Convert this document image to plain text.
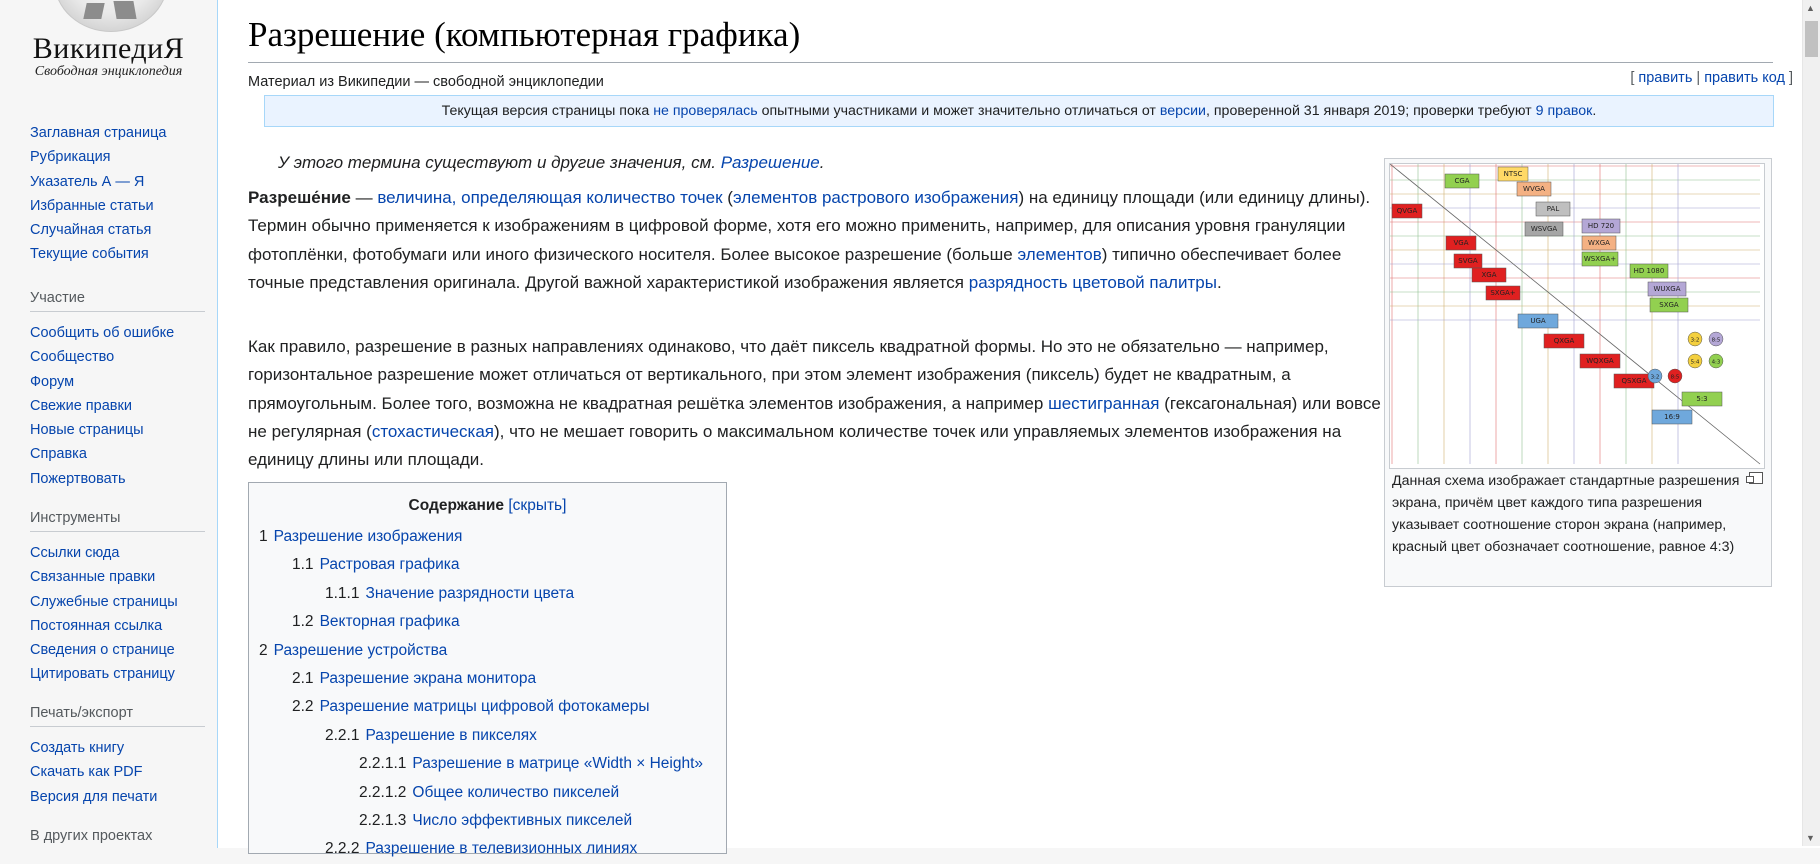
ВикипедиЯ
Свободная энциклопедия
Заглавная страница
Рубрикация
Указатель А — Я
Избранные статьи
Случайная статья
Текущие события
Участие
Сообщить об ошибке
Сообщество
Форум
Свежие правки
Новые страницы
Справка
Пожертвовать
Инструменты
Ссылки сюда
Связанные правки
Служебные страницы
Постоянная ссылка
Сведения о странице
Цитировать страницу
Печать/экспорт
Создать книгу
Скачать как PDF
Версия для печати
В других проектах
Разрешение (компьютерная графика)
Материал из Википедии — свободной энциклопедии	[ править | править код ]
Текущая версия страницы пока не проверялась опытными участниками и может значительно отличаться от версии, проверенной 31 января 2019; проверки требуют 9 правок.
У этого термина существуют и другие значения, см. Разрешение.

Разреше́ние — величина, определяющая количество точек (элементов растрового изображения) на единицу площади (или единицу длины). Термин обычно применяется к изображениям в цифровой форме, хотя его можно применить, например, для описания уровня грануляции фотоплёнки, фотобумаги или иного физического носителя. Более высокое разрешение (больше элементов) типично обеспечивает более точные представления оригинала. Другой важной характеристикой изображения является разрядность цветовой палитры.

Как правило, разрешение в разных направлениях одинаково, что даёт пиксель квадратной формы. Но это не обязательно — например, горизонтальное разрешение может отличаться от вертикального, при этом элемент изображения (пиксель) будет не квадратным, а прямоугольным. Более того, возможна не квадратная решётка элементов изображения, а например шестигранная (гексагональная) или вовсе не регулярная (стохастическая), что не мешает говорить о максимальном количестве точек или управляемых элементов изображения на единицу длины или площади.

Содержание [скрыть]
1 Разрешение изображения
1.1 Растровая графика
1.1.1 Значение разрядности цвета
1.2 Векторная графика
2 Разрешение устройства
2.1 Разрешение экрана монитора
2.2 Разрешение матрицы цифровой фотокамеры
2.2.1 Разрешение в пикселях
2.2.1.1 Разрешение в матрице «Width × Height»
2.2.1.2 Общее количество пикселей
2.2.1.3 Число эффективных пикселей
2.2.2 Разрешение в телевизионных линиях
CGA
NTSC
QVGA
WVGA
VGA
PAL
SVGA
XGA
WSVGA	HD 720
WXGA
WSXGA+
HD 1080
WUXGA
SXGA
SXGA+
UGA
QXGA
WQXGA
QSXGA
5:3
16:9
3:2 8:5
5:4 4:3
3:2 8:5
Данная схема изображает стандартные разрешения экрана, причём цвет каждого типа разрешения указывает соотношение сторон экрана (например, красный цвет обозначает соотношение, равное 4:3)
▲
▼
